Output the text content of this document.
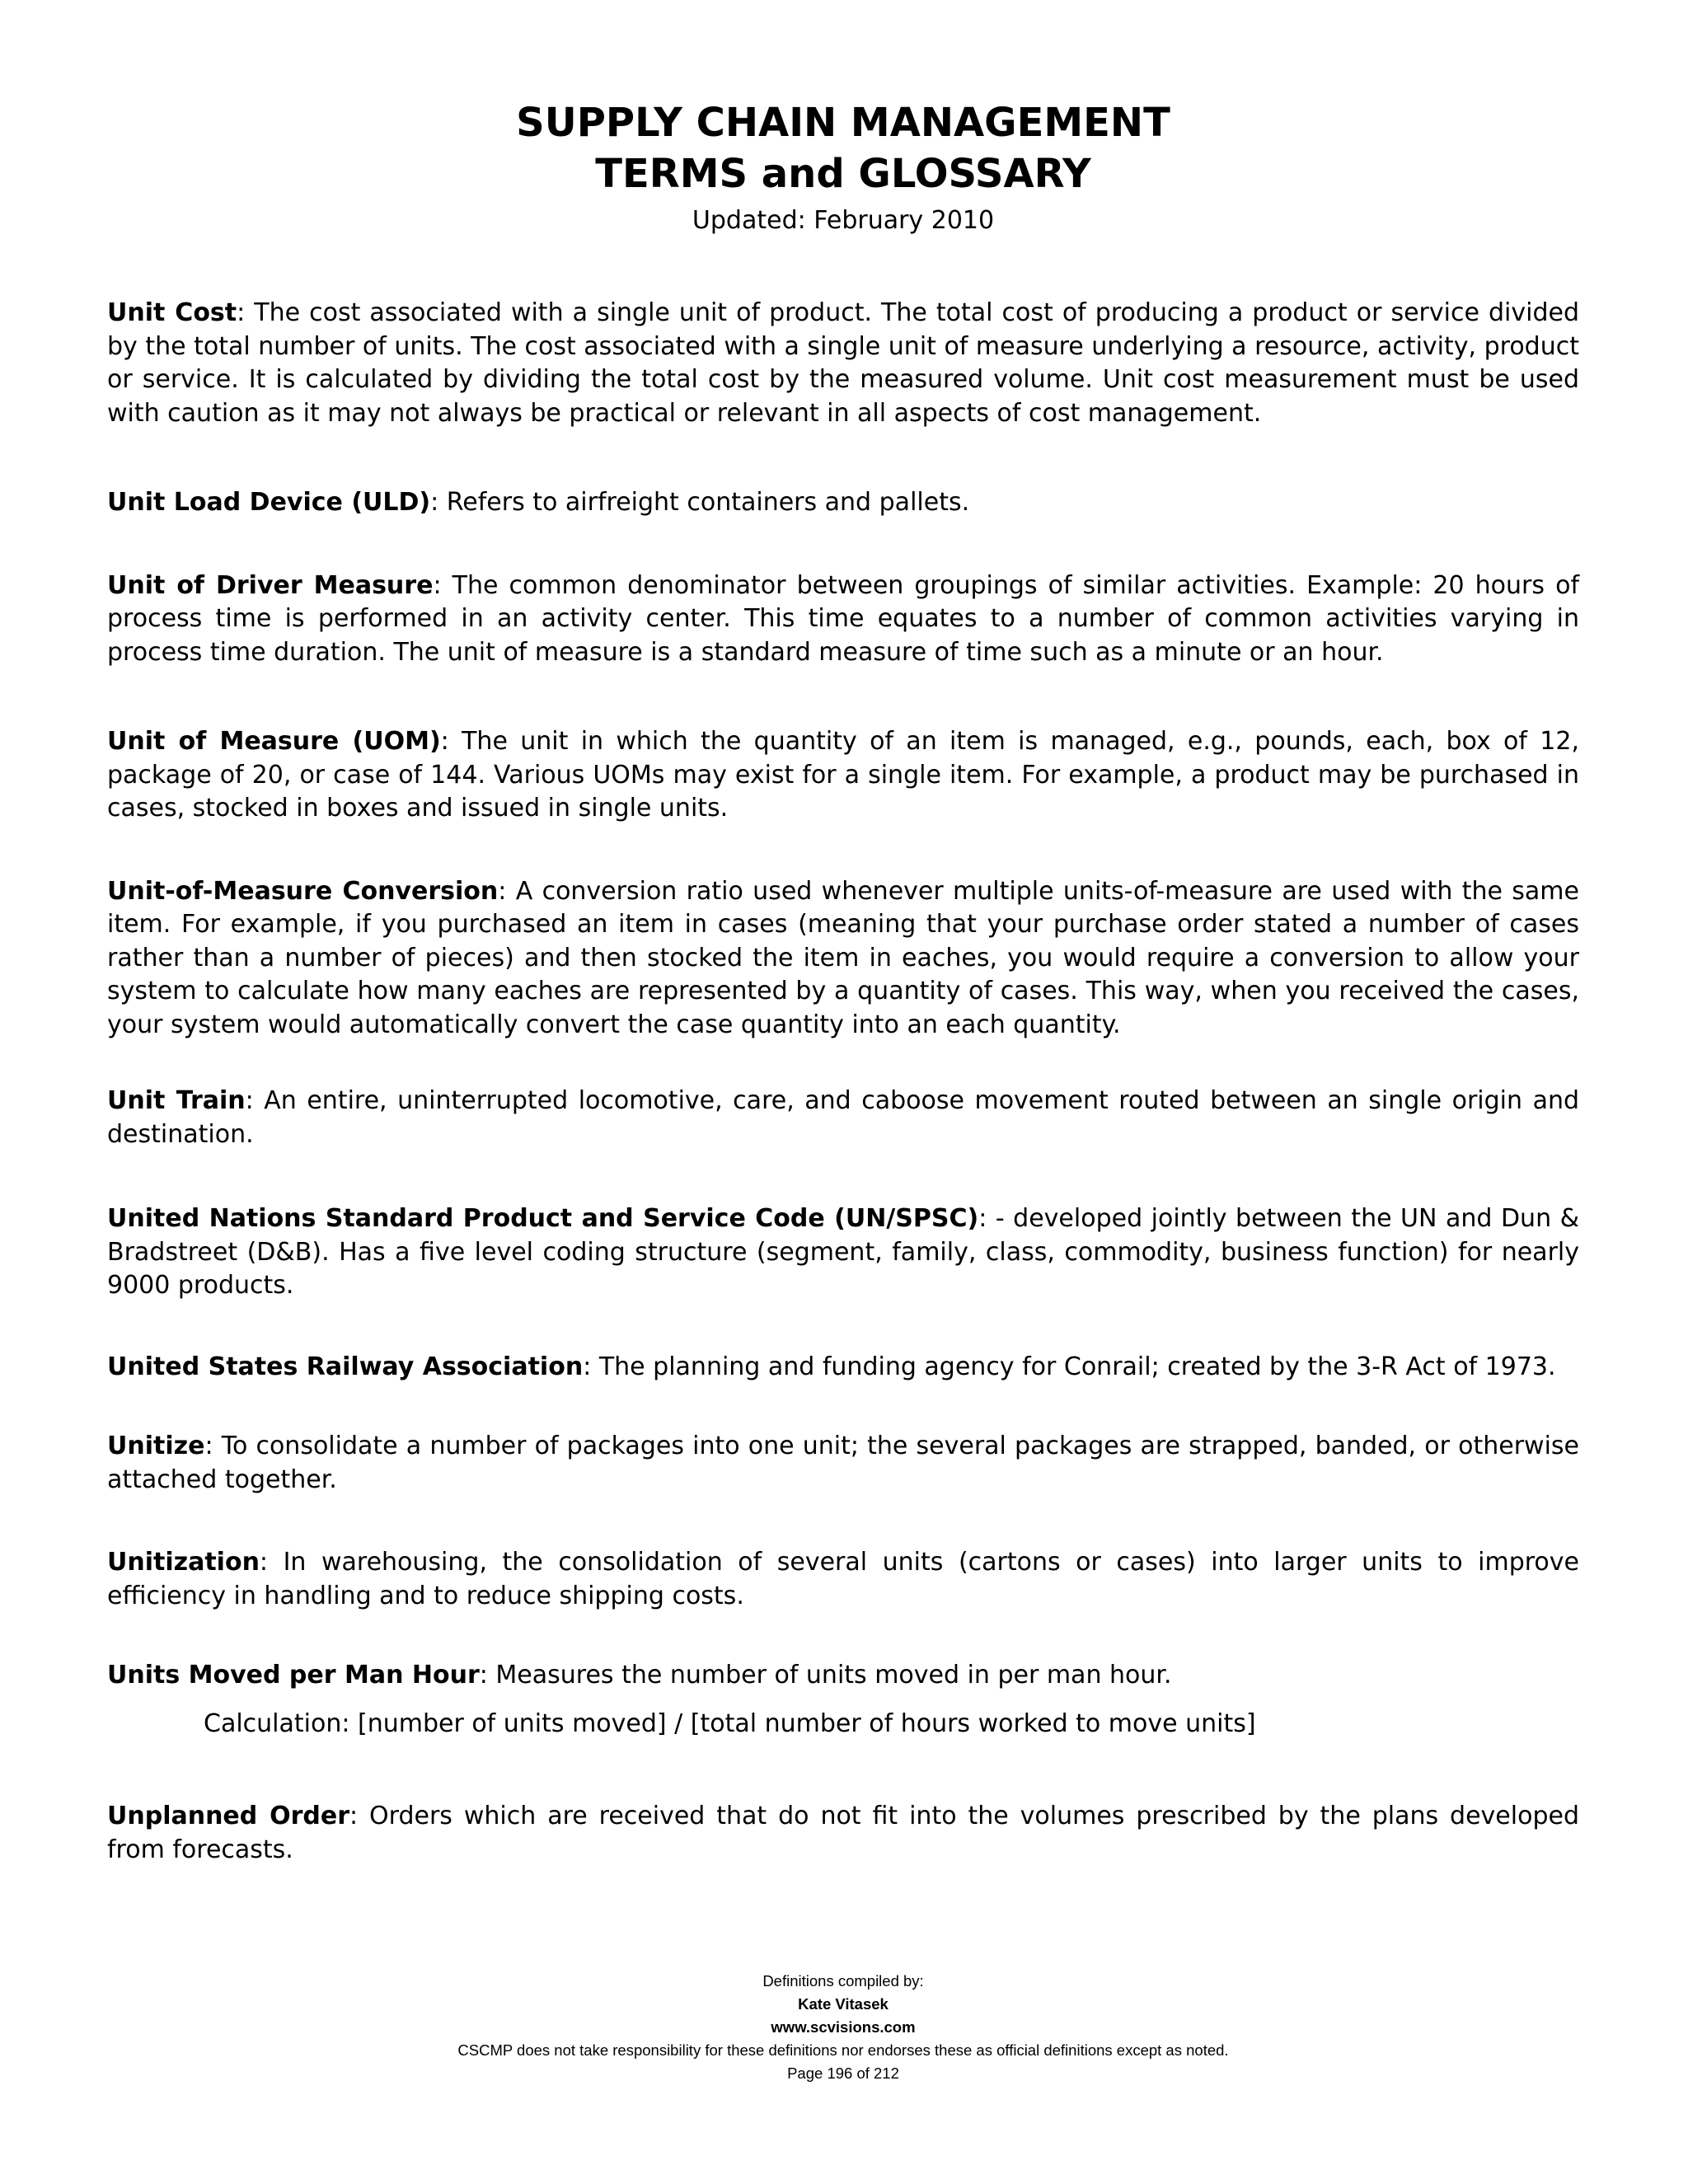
SUPPLY CHAIN MANAGEMENT
TERMS and GLOSSARY
Updated: February 2010

Unit Cost: The cost associated with a single unit of product. The total cost of producing a product or service divided by the total number of units. The cost associated with a single unit of measure underlying a resource, activity, product or service. It is calculated by dividing the total cost by the measured volume. Unit cost measurement must be used with caution as it may not always be practical or relevant in all aspects of cost management.

Unit Load Device (ULD): Refers to airfreight containers and pallets.

Unit of Driver Measure: The common denominator between groupings of similar activities. Example: 20 hours of process time is performed in an activity center. This time equates to a number of common activities varying in process time duration. The unit of measure is a standard measure of time such as a minute or an hour.

Unit of Measure (UOM): The unit in which the quantity of an item is managed, e.g., pounds, each, box of 12, package of 20, or case of 144. Various UOMs may exist for a single item. For example, a product may be purchased in cases, stocked in boxes and issued in single units.

Unit-of-Measure Conversion: A conversion ratio used whenever multiple units-of-measure are used with the same item. For example, if you purchased an item in cases (meaning that your purchase order stated a number of cases rather than a number of pieces) and then stocked the item in eaches, you would require a conversion to allow your system to calculate how many eaches are represented by a quantity of cases. This way, when you received the cases, your system would automatically convert the case quantity into an each quantity.

Unit Train: An entire, uninterrupted locomotive, care, and caboose movement routed between an single origin and destination.

United Nations Standard Product and Service Code (UN/SPSC): - developed jointly between the UN and Dun & Bradstreet (D&B). Has a five level coding structure (segment, family, class, commodity, business function) for nearly 9000 products.

United States Railway Association: The planning and funding agency for Conrail; created by the 3-R Act of 1973.

Unitize: To consolidate a number of packages into one unit; the several packages are strapped, banded, or otherwise attached together.

Unitization: In warehousing, the consolidation of several units (cartons or cases) into larger units to improve efficiency in handling and to reduce shipping costs.

Units Moved per Man Hour: Measures the number of units moved in per man hour.

Calculation: [number of units moved] / [total number of hours worked to move units]

Unplanned Order: Orders which are received that do not fit into the volumes prescribed by the plans developed from forecasts.

Definitions compiled by:
Kate Vitasek
www.scvisions.com
CSCMP does not take responsibility for these definitions nor endorses these as official definitions except as noted.
Page 196 of 212
